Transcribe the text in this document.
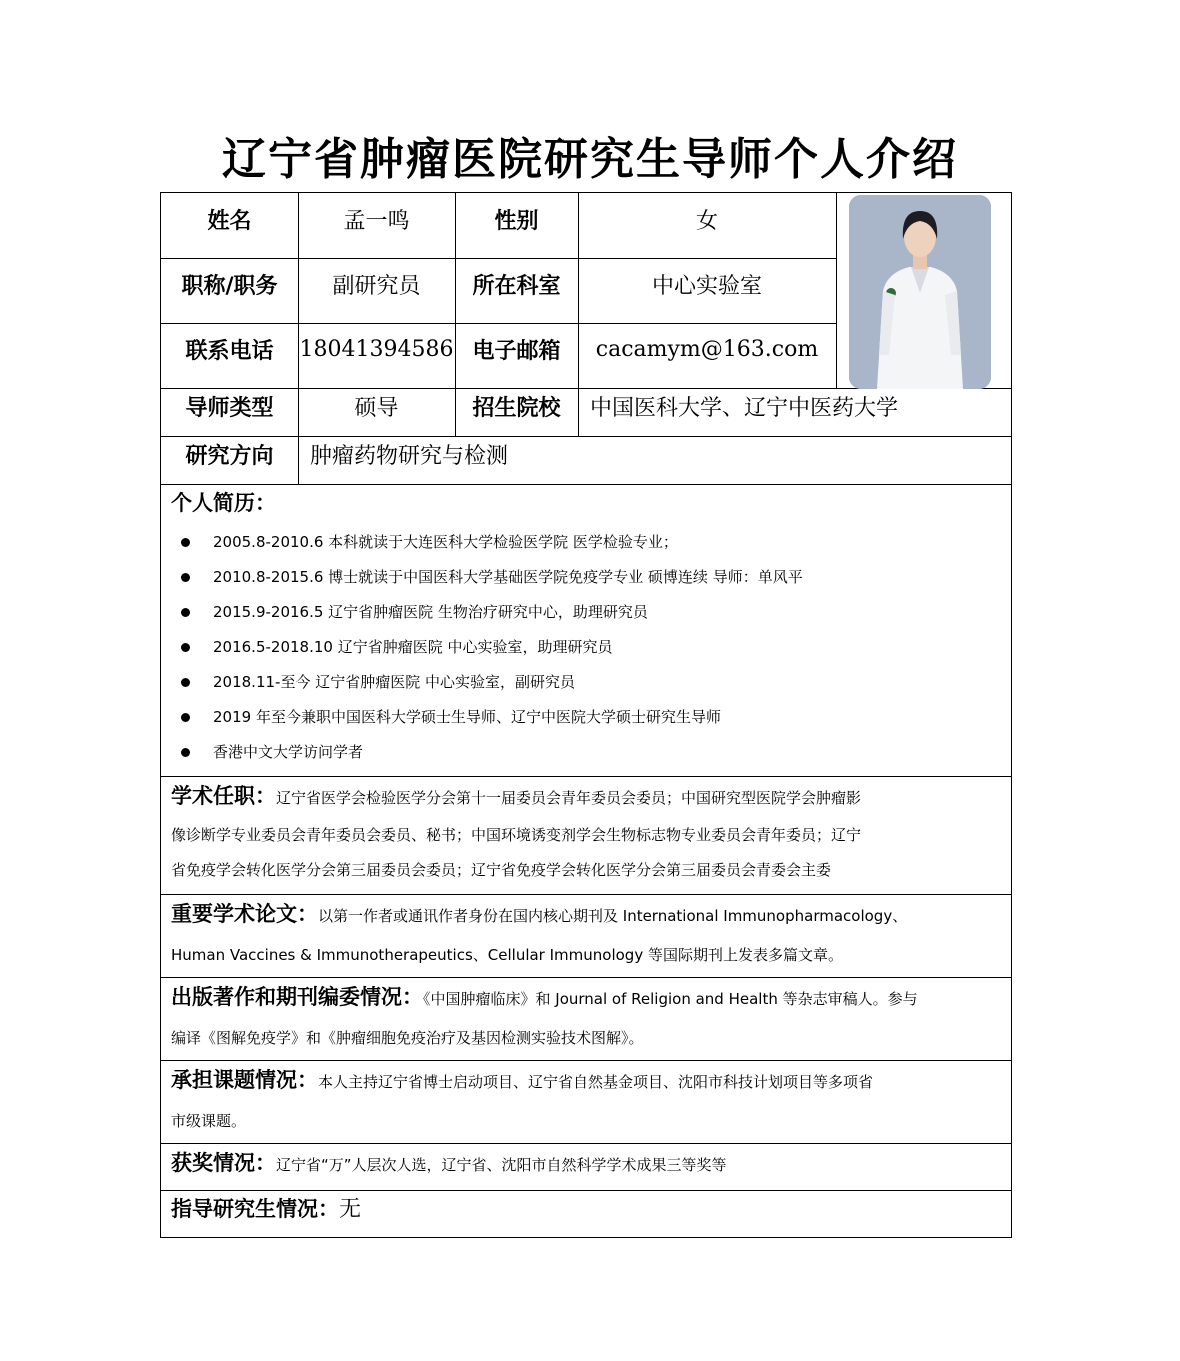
辽宁省肿瘤医院研究生导师个人介绍
姓名	孟一鸣	性别	女
职称/职务	副研究员	所在科室	中心实验室
联系电话	18041394586 电子邮箱	cacamym@163.com
导师类型	硕导	招生院校	中国医科大学、辽宁中医药大学
研究方向	肿瘤药物研究与检测
个人简历：
2005.8-2010.6 本科就读于大连医科大学检验医学院 医学检验专业；
2010.8-2015.6 博士就读于中国医科大学基础医学院免疫学专业 硕博连续 导师：单风平
2015.9-2016.5 辽宁省肿瘤医院 生物治疗研究中心，助理研究员
2016.5-2018.10 辽宁省肿瘤医院 中心实验室，助理研究员
2018.11-至今 辽宁省肿瘤医院 中心实验室，副研究员
2019 年至今兼职中国医科大学硕士生导师、辽宁中医院大学硕士研究生导师
香港中文大学访问学者

学术任职：辽宁省医学会检验医学分会第十一届委员会青年委员会委员；中国研究型医院学会肿瘤影

像诊断学专业委员会青年委员会委员、秘书；中国环境诱变剂学会生物标志物专业委员会青年委员；辽宁

省免疫学会转化医学分会第三届委员会委员；辽宁省免疫学会转化医学分会第三届委员会青委会主委

重要学术论文：以第一作者或通讯作者身份在国内核心期刊及 International Immunopharmacology、

Human Vaccines & Immunotherapeutics、Cellular Immunology 等国际期刊上发表多篇文章。

出版著作和期刊编委情况：《中国肿瘤临床》和 Journal of Religion and Health 等杂志审稿人。参与

编译《图解免疫学》和《肿瘤细胞免疫治疗及基因检测实验技术图解》。

承担课题情况：本人主持辽宁省博士启动项目、辽宁省自然基金项目、沈阳市科技计划项目等多项省

市级课题。

获奖情况：辽宁省“万”人层次人选，辽宁省、沈阳市自然科学学术成果三等奖等

指导研究生情况：无
